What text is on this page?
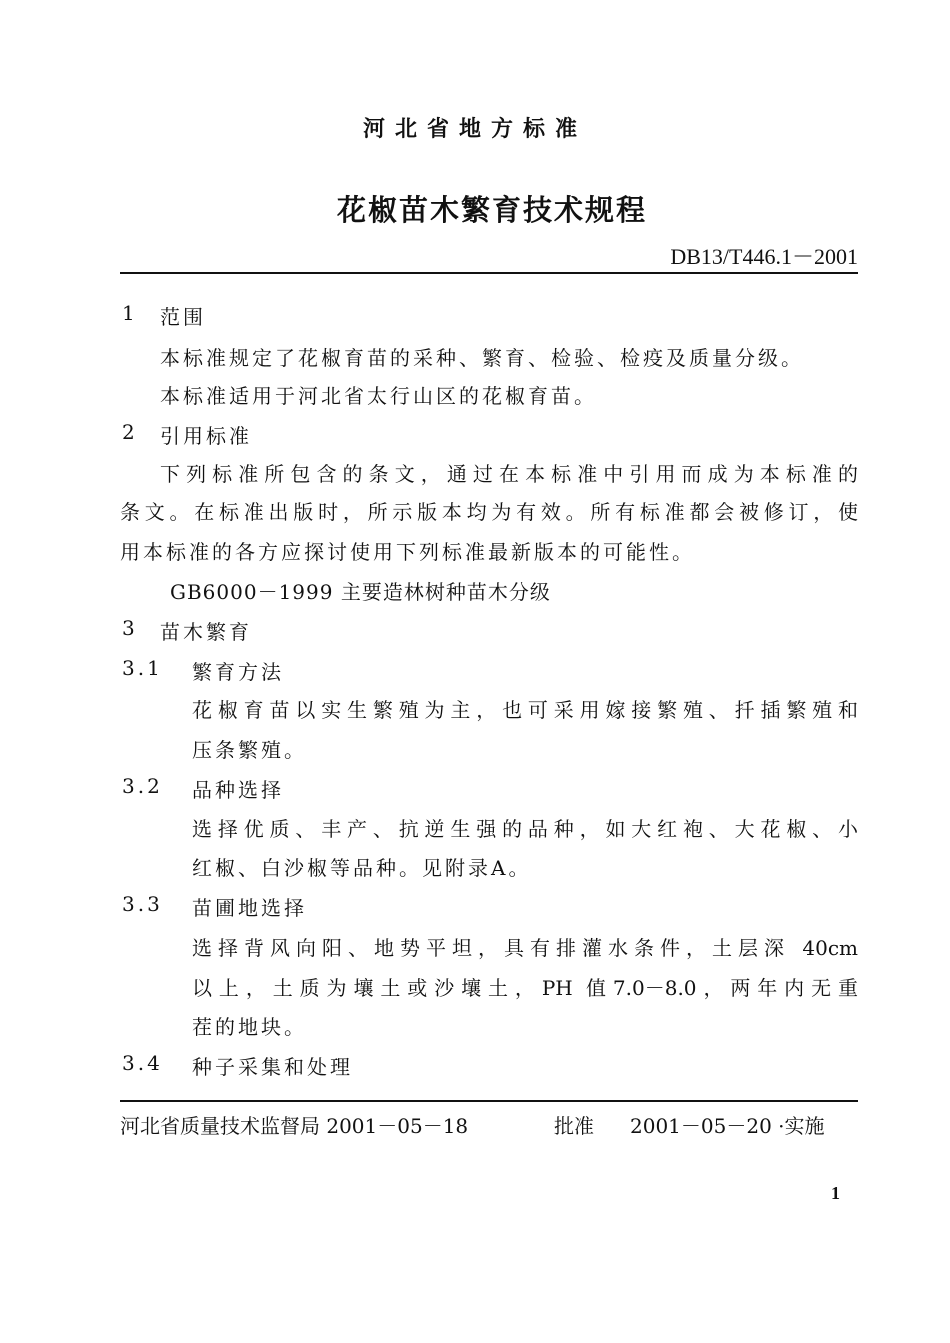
河北省地方标准
花椒苗木繁育技术规程
DB13/T446.1－2001
1 范围
本标准规定了花椒育苗的采种、繁育、检验、检疫及质量分级。
本标准适用于河北省太行山区的花椒育苗。
2 引用标准
下列标准所包含的条文，通过在本标准中引用而成为本标准的
条文。在标准出版时，所示版本均为有效。所有标准都会被修订，使
用本标准的各方应探讨使用下列标准最新版本的可能性。
GB6000－1999 主要造林树种苗木分级
3 苗木繁育
3.1 繁育方法
花椒育苗以实生繁殖为主，也可采用嫁接繁殖、扦插繁殖和
压条繁殖。
3.2 品种选择
选择优质、丰产、抗逆生强的品种，如大红袍、大花椒、小
红椒、白沙椒等品种。见附录A。
3.3 苗圃地选择
选择背风向阳、地势平坦，具有排灌水条件，土层深 40cm
以上，土质为壤土或沙壤土，PH 值7.0－8.0，两年内无重
茬的地块。
3.4 种子采集和处理
河北省质量技术监督局 2001－05－18	批准 2001－05－20 ·实施
1
